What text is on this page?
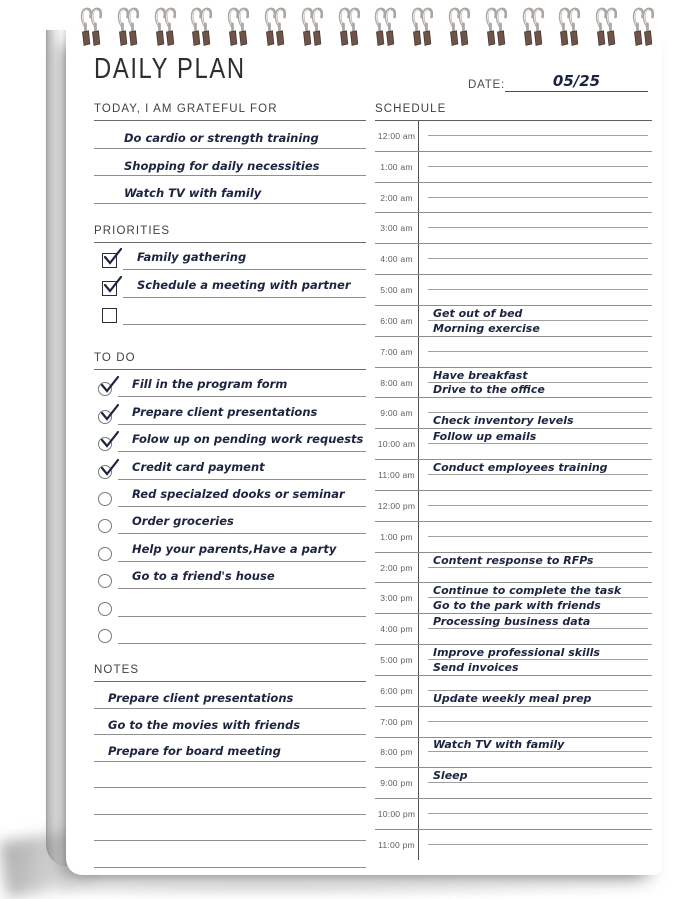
DAILY PLAN	DATE:	05/25
TODAY, I AM GRATEFUL FOR
Do cardio or strength training
Shopping for daily necessities
Watch TV with family
PRIORITIES
Family gathering
Schedule a meeting with partner
TO DO
Fill in the program form
Prepare client presentations
Folow up on pending work requests
Credit card payment
Red specialzed dooks or seminar
Order groceries
Help your parents,Have a party
Go to a friend's house
NOTES
Prepare client presentations
Go to the movies with friends
Prepare for board meeting
SCHEDULE
12:00 am
1:00 am
2:00 am
3:00 am
4:00 am
5:00 am
6:00 am
Get out of bed
Morning exercise
7:00 am
8:00 am
Have breakfast
Drive to the office
9:00 am
Check inventory levels
10:00 am
Follow up emails
11:00 am
Conduct employees training
12:00 pm
1:00 pm
2:00 pm
Content response to RFPs
3:00 pm
Continue to complete the task
Go to the park with friends
4:00 pm
Processing business data
5:00 pm
Improve professional skills
Send invoices
6:00 pm
Update weekly meal prep
7:00 pm
8:00 pm
Watch TV with family
9:00 pm
Sleep
10:00 pm
11:00 pm
